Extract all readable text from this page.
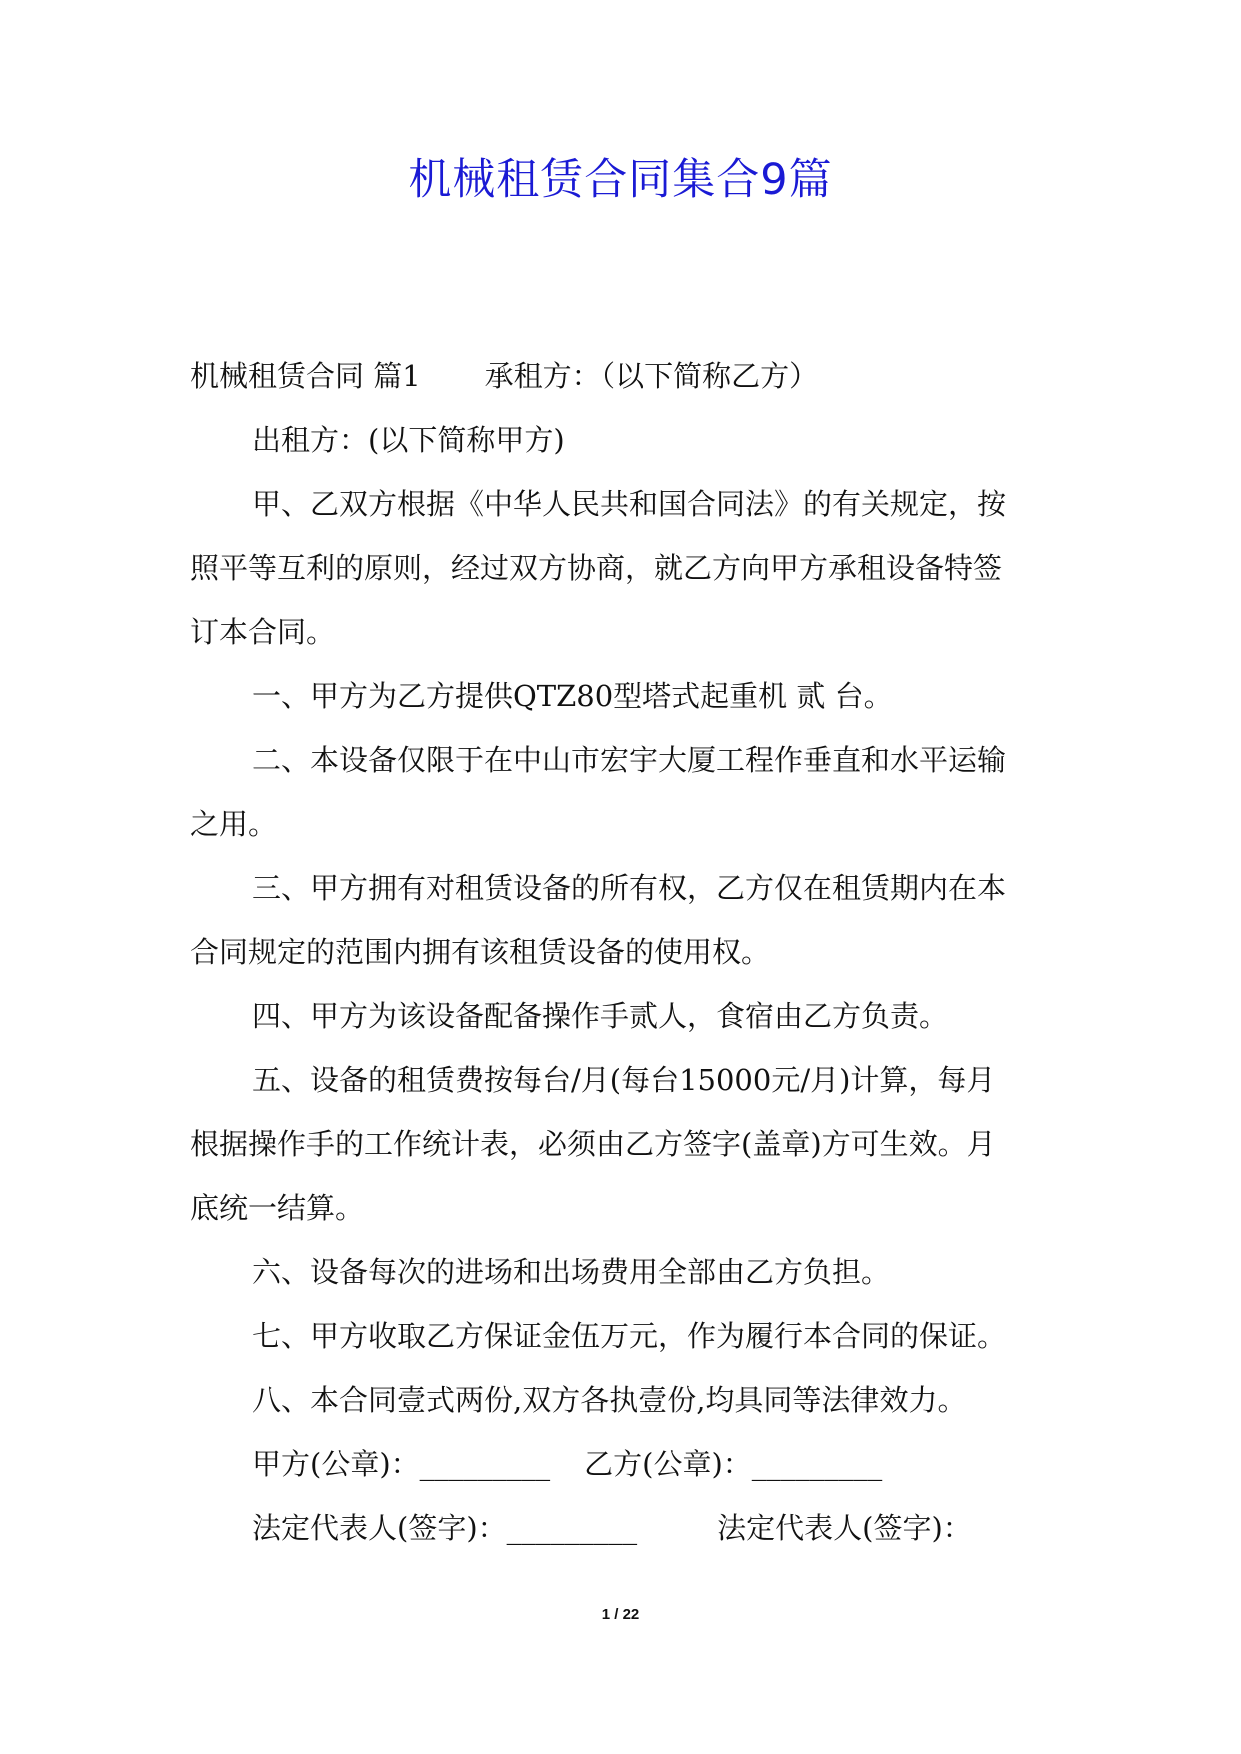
机械租赁合同集合9篇
机械租赁合同 篇1 承租方：（以下简称乙方）
出租方：(以下简称甲方)
甲、乙双方根据《中华人民共和国合同法》的有关规定，按
照平等互利的原则，经过双方协商，就乙方向甲方承租设备特签
订本合同。
一、甲方为乙方提供QTZ80型塔式起重机 贰 台。
二、本设备仅限于在中山市宏宇大厦工程作垂直和水平运输
之用。
三、甲方拥有对租赁设备的所有权，乙方仅在租赁期内在本
合同规定的范围内拥有该租赁设备的使用权。
四、甲方为该设备配备操作手贰人，食宿由乙方负责。
五、设备的租赁费按每台/月(每台15000元/月)计算，每月
根据操作手的工作统计表，必须由乙方签字(盖章)方可生效。月
底统一结算。
六、设备每次的进场和出场费用全部由乙方负担。
七、甲方收取乙方保证金伍万元，作为履行本合同的保证。
八、本合同壹式两份,双方各执壹份,均具同等法律效力。
甲方(公章)：_________ 乙方(公章)：_________
法定代表人(签字)：_________	法定代表人(签字)：
1 / 22
